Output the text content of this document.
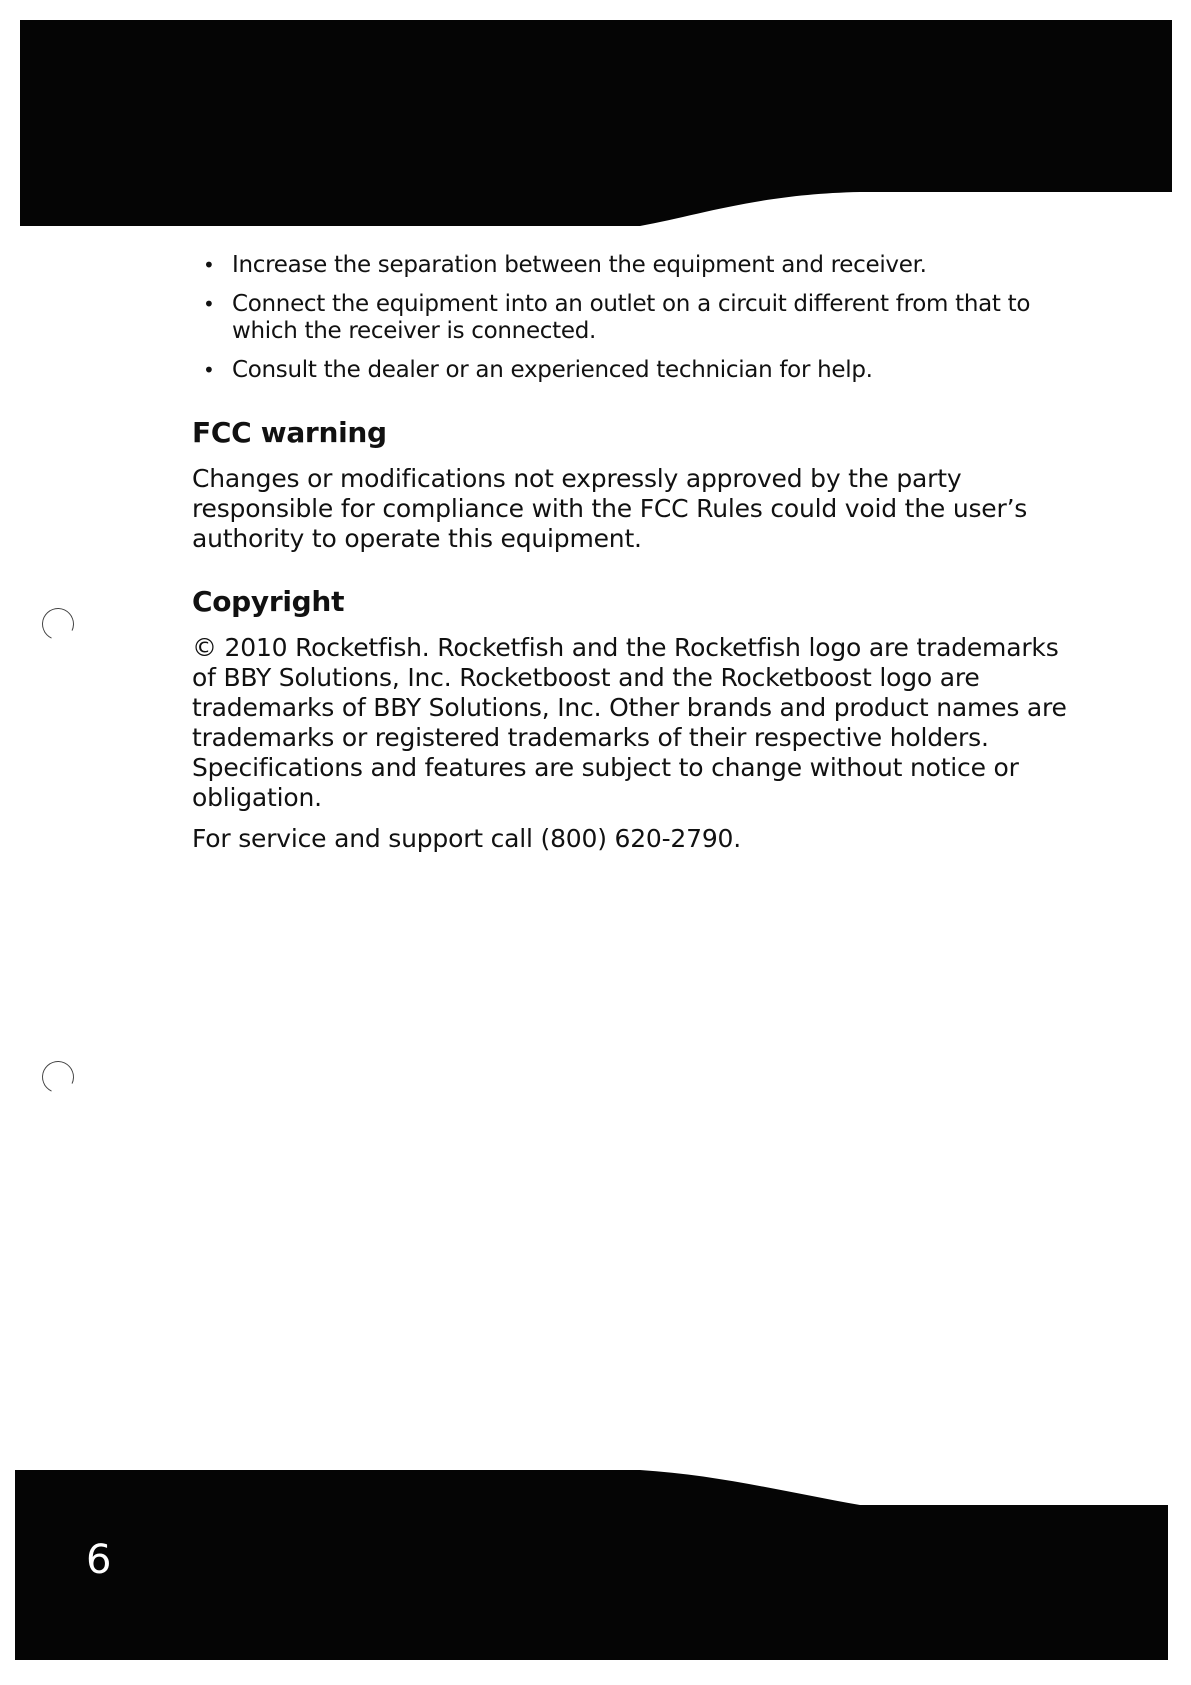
• Increase the separation between the equipment and receiver.
• Connect the equipment into an outlet on a circuit different from that to which the receiver is connected.
• Consult the dealer or an experienced technician for help.
FCC warning

Changes or modifications not expressly approved by the party responsible for compliance with the FCC Rules could void the user’s authority to operate this equipment.

Copyright

© 2010 Rocketfish. Rocketfish and the Rocketfish logo are trademarks of BBY Solutions, Inc. Rocketboost and the Rocketboost logo are trademarks of BBY Solutions, Inc. Other brands and product names are trademarks or registered trademarks of their respective holders. Specifications and features are subject to change without notice or obligation.

For service and support call (800) 620-2790.

6
